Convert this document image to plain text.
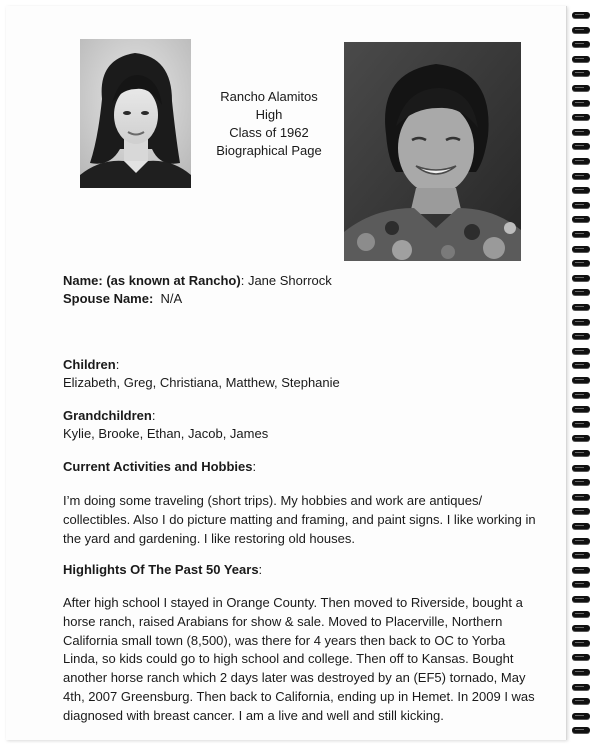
Rancho Alamitos
High
Class of 1962
Biographical Page
Name: (as known at Rancho): Jane Shorrock
Spouse Name: N/A
Children:
Elizabeth, Greg, Christiana, Matthew, Stephanie
Grandchildren:
Kylie, Brooke, Ethan, Jacob, James
Current Activities and Hobbies:
I’m doing some traveling (short trips). My hobbies and work are antiques/ collectibles. Also I do picture matting and framing, and paint signs. I like working in the yard and gardening. I like restoring old houses.
Highlights Of The Past 50 Years:
After high school I stayed in Orange County. Then moved to Riverside, bought a horse ranch, raised Arabians for show & sale. Moved to Placerville, Northern California small town (8,500), was there for 4 years then back to OC to Yorba Linda, so kids could go to high school and college. Then off to Kansas. Bought another horse ranch which 2 days later was destroyed by an (EF5) tornado, May 4th, 2007 Greensburg. Then back to California, ending up in Hemet. In 2009 I was diagnosed with breast cancer. I am a live and well and still kicking.
